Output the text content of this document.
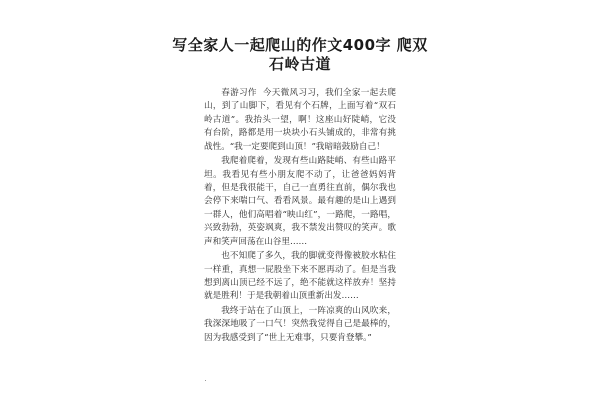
写全家人一起爬山的作文400字 爬双
石岭古道

春游习作 今天微风习习，我们全家一起去爬山，到了山脚下，看见有个石牌，上面写着“双石岭古道”。我抬头一望，啊！这座山好陡峭，它没有台阶，路都是用一块块小石头铺成的，非常有挑战性。“我一定要爬到山顶！”我暗暗鼓励自己！

我爬着爬着，发现有些山路陡峭、有些山路平坦。我看见有些小朋友爬不动了，让爸爸妈妈背着，但是我很能干，自己一直勇往直前，偶尔我也会停下来喘口气、看看风景。最有趣的是山上遇到一群人，他们高唱着“映山红”，一路爬，一路唱，兴致勃勃，英姿飒爽，我不禁发出赞叹的笑声。歌声和笑声回荡在山谷里……

也不知爬了多久，我的脚就变得像被胶水粘住一样重，真想一屁股坐下来不愿再动了。但是当我想到离山顶已经不远了，绝不能就这样放弃！坚持就是胜利！于是我朝着山顶重新出发……

我终于站在了山顶上，一阵凉爽的山风吹来，我深深地吸了一口气！突然我觉得自己是最棒的，因为我感受到了“世上无难事，只要肯登攀。”
